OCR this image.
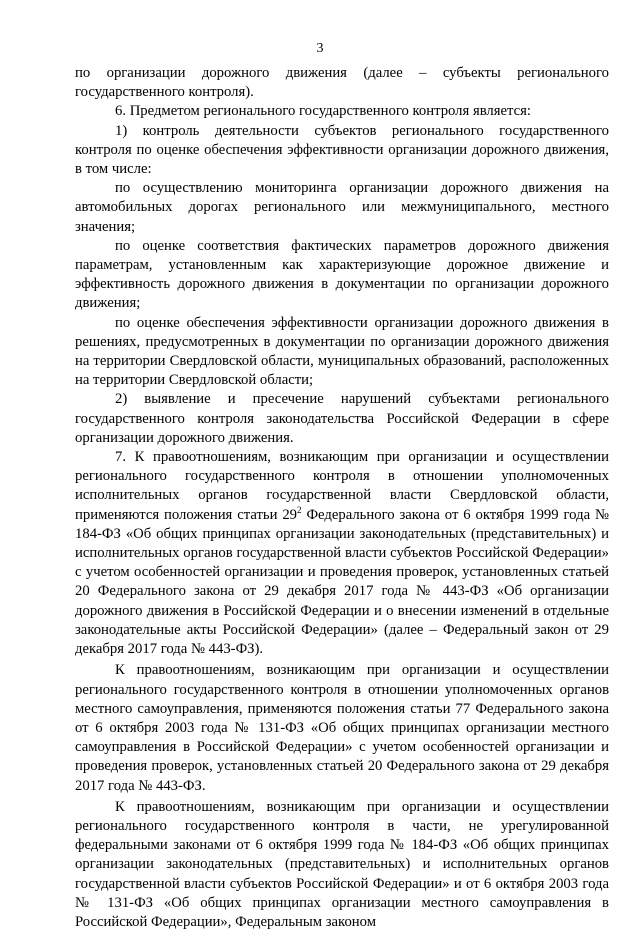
3

по организации дорожного движения (далее – субъекты регионального государственного контроля).

6. Предметом регионального государственного контроля является:

1) контроль деятельности субъектов регионального государственного контроля по оценке обеспечения эффективности организации дорожного движения, в том числе:

по осуществлению мониторинга организации дорожного движения на автомобильных дорогах регионального или межмуниципального, местного значения;

по оценке соответствия фактических параметров дорожного движения параметрам, установленным как характеризующие дорожное движение и эффективность дорожного движения в документации по организации дорожного движения;

по оценке обеспечения эффективности организации дорожного движения в решениях, предусмотренных в документации по организации дорожного движения на территории Свердловской области, муниципальных образований, расположенных на территории Свердловской области;

2) выявление и пресечение нарушений субъектами регионального государственного контроля законодательства Российской Федерации в сфере организации дорожного движения.

7. К правоотношениям, возникающим при организации и осуществлении регионального государственного контроля в отношении уполномоченных исполнительных органов государственной власти Свердловской области, применяются положения статьи $29^2$ Федерального закона от 6 октября 1999 года № 184-ФЗ «Об общих принципах организации законодательных (представительных) и исполнительных органов государственной власти субъектов Российской Федерации» с учетом особенностей организации и проведения проверок, установленных статьей 20 Федерального закона от 29 декабря 2017 года № 443-ФЗ «Об организации дорожного движения в Российской Федерации и о внесении изменений в отдельные законодательные акты Российской Федерации» (далее – Федеральный закон от 29 декабря 2017 года № 443-ФЗ).

К правоотношениям, возникающим при организации и осуществлении регионального государственного контроля в отношении уполномоченных органов местного самоуправления, применяются положения статьи 77 Федерального закона от 6 октября 2003 года № 131-ФЗ «Об общих принципах организации местного самоуправления в Российской Федерации» с учетом особенностей организации и проведения проверок, установленных статьей 20 Федерального закона от 29 декабря 2017 года № 443-ФЗ.

К правоотношениям, возникающим при организации и осуществлении регионального государственного контроля в части, не урегулированной федеральными законами от 6 октября 1999 года № 184-ФЗ «Об общих принципах организации законодательных (представительных) и исполнительных органов государственной власти субъектов Российской Федерации» и от 6 октября 2003 года № 131-ФЗ «Об общих принципах организации местного самоуправления в Российской Федерации», Федеральным законом
